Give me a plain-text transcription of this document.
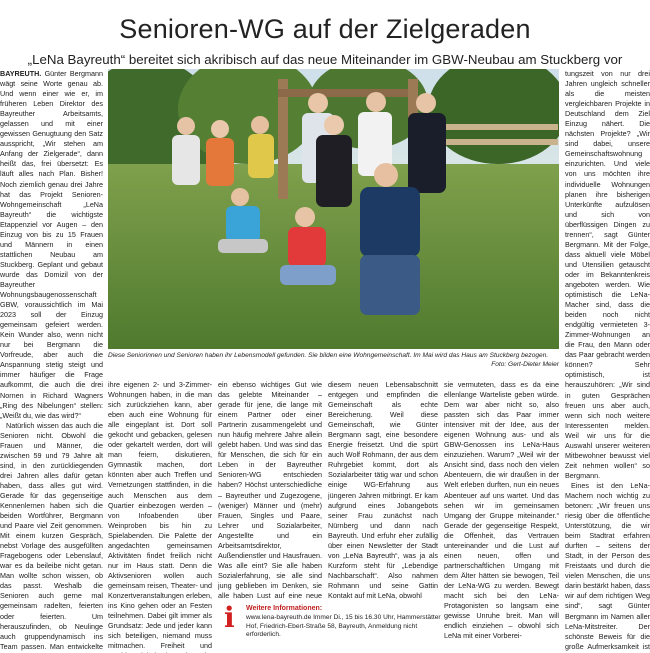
Senioren-WG auf der Zielgeraden
„LeNa Bayreuth“ bereitet sich akribisch auf das neue Miteinander im GBW-Neubau am Stuckberg vor

BAYREUTH. Günter Bergmann wägt seine Worte genau ab. Und wenn einer wie er, im früheren Leben Direktor des Bayreuther Arbeitsamts, gelassen und mit einer gewissen Genugtuung den Satz ausspricht, „Wir stehen am Anfang der Zielgerade“, dann heißt das, frei übersetzt: Es läuft alles nach Plan. Bisher! Noch ziemlich genau drei Jahre hat das Projekt Senioren-Wohngemeinschaft „LeNa Bayreuth“ die wichtigste Etappenziel vor Augen – den Einzug von bis zu 15 Frauen und Männern in einen stattlichen Neubau am Stuckberg. Geplant und gebaut wurde das Domizil von der Bayreuther Wohnungsbaugenossenschaft GBW, voraussichtlich im Mai 2023 soll der Einzug gemeinsam gefeiert werden. Kein Wunder also, wenn nicht nur bei Bergmann die Vorfreude, aber auch die Anspannung stetig steigt und immer häufiger die Frage aufkommt, die auch die drei Nornen in Richard Wagners „Ring des Nibelungen“ stellen: „Weißt du, wie das wird?“

Natürlich wissen das auch die Senioren nicht. Obwohl die Frauen und Männer, die zwischen 59 und 79 Jahre alt sind, in den zurückliegenden drei Jahren alles dafür getan haben, dass alles gut wird. Gerade für das gegenseitige Kennenlernen haben sich die beiden Wortführer, Bergmann und Paare viel Zeit genommen. Mit einem kurzen Gespräch, nebst Vorlage des ausgefüllten Fragebogens oder Lebenslauf, war es da beileibe nicht getan. Man wollte schon wissen, ob das passt. Weshalb die Senioren auch gerne mal gemeinsam radelten, feierten oder feierten. Um herauszufinden, ob Neulinge auch gruppendynamisch ins Team passen. Man entwickelte

Diese Seniorinnen und Senioren haben ihr Lebensmodell gefunden. Sie bilden eine Wohngemeinschaft. Im Mai wird das Haus am Stuckberg bezogen.
Foto: Gert-Dieter Meier

ihre eigenen 2- und 3-Zimmer-Wohnungen haben, in die man sich zurückziehen kann, aber eben auch eine Wohnung für alle eingeplant ist. Dort soll gekocht und gebacken, gelesen oder gekartelt werden, dort will man feiern, diskutieren, Gymnastik machen, dort könnten aber auch Treffen und Vernetzungen stattfinden, in die auch Menschen aus dem Quartier einbezogen werden – von Infoabenden über Weinproben bis hin zu Spielabenden. Die Palette der angedachten gemeinsamen Aktivitäten findet freilich nicht nur im Haus statt. Denn die Aktivsenioren wollen auch gemeinsam reisen, Theater- und Konzertveranstaltungen erleben, ins Kino gehen oder an Festen teilnehmen. Dabei gilt immer als Grundsatz: Jede und jeder kann sich beteiligen, niemand muss mitmachen. Freiheit und

ein ebenso wichtiges Gut wie das gelebte Miteinander – gerade für jene, die lange mit einem Partner oder einer Partnerin zusammengelebt und nun häufig mehrere Jahre allein gelebt haben. Und was sind das für Menschen, die sich für ein Leben in der Bayreuther Senioren-WG entschieden haben? Höchst unterschiedliche – Bayreuther und Zugezogene, (weniger) Männer und (mehr) Frauen, Singles und Paare, Lehrer und Sozialarbeiter, Angestellte und ein Arbeitsamtsdirektor, Außendienstler und Hausfrauen. Was alle eint? Sie alle haben Sozialerfahrung, sie alle sind jung geblieben im Denken, sie alle haben Lust auf eine neue

diesem neuen Lebensabschnitt entgegen und empfinden die Gemeinschaft als echte Bereicherung. Weil diese Gemeinschaft, wie Günter Bergmann sagt, eine besondere Energie freisetzt. Und die spürt auch Wolf Rohmann, der aus dem Ruhrgebiet kommt, dort als Sozialarbeiter tätig war und schon einige WG-Erfahrung aus jüngeren Jahren mitbringt. Er kam aufgrund eines Jobangebots seiner Frau zunächst nach Nürnberg und dann nach Bayreuth. Und erfuhr eher zufällig über einen Newsletter der Stadt von „LeNa Bayreuth“, was ja als Kurzform steht für „Lebendige Nachbarschaft“. Also nahmen Rohmann und seine Gattin Kontakt auf mit LeNa, obwohl

sie vermuteten, dass es da eine ellenlange Warteliste geben würde. Dem war aber nicht so, also passten sich das Paar immer intensiver mit der Idee, aus der eigenen Wohnung aus- und als GBW-Genossen ins LeNa-Haus einzuziehen. Warum? „Weil wir der Ansicht sind, dass noch den vielen Abenteuern, die wir draußen in der Welt erleben durften, nun ein neues Abenteuer auf uns wartet. Und das sehen wir im gemeinsamen Umgang der Gruppe miteinander.“ Gerade der gegenseitige Respekt, die Offenheit, das Vertrauen untereinander und die Lust auf einen neuen, offen und partnerschaftlichen Umgang mit dem Älter hätten sie bewogen, Teil der LeNa-WG zu werden. Bewegt macht sich bei den LeNa-Protagonisten so langsam eine gewisse Unruhe breit. Man will endlich einziehen – obwohl sich LeNa mit einer Vorberei-

tungszeit von nur drei Jahren ungleich schneller als die meisten vergleichbaren Projekte in Deutschland dem Ziel Einzug nähert. Die nächsten Projekte? „Wir sind dabei, unsere Gemeinschaftswohnung einzurichten. Und viele von uns möchten ihre individuelle Wohnungen planen ihre bisherigen Unterkünfte aufzulösen und sich von überflüssigen Dingen zu trennen“, sagt Günter Bergmann. Mit der Folge, dass aktuell viele Möbel und Utensilien getauscht oder im Bekanntenkreis angeboten werden. Wie optimistisch die LeNa-Macher sind, dass die beiden noch nicht endgültig vermieteten 3-Zimmer-Wohnungen an die Frau, den Mann oder das Paar gebracht werden können? Sehr optimistisch, ist herauszuhören: „Wir sind in guten Gesprächen freuen uns aber auch, wenn sich noch weitere Interessenten melden. Weil wir uns für die Auswahl unserer weiteren Mitbewohner bewusst viel Zeit nehmen wollen“ so Bergmann.

Eines ist den LeNa-Machern noch wichtig zu betonen: „Wir freuen uns riesig über die öffentliche Unterstützung, die wir beim Stadtrat erfahren durften – seitens der Stadt, in der Person des Freistaats und durch die vielen Menschen, die uns darin bestärkt haben, dass wir auf dem richtigen Weg sind“, sagt Günter Bergmann im Namen aller LeNa-Mitstreiter. Der schönste Beweis für die große Aufmerksamkeit ist

i	Weitere Informationen:
www.lena-bayreuth.de Immer Di., 15 bis 16.30 Uhr, Hammerstätter Hof, Friedrich-Ebert-Straße 58, Bayreuth, Anmeldung nicht erforderlich.
